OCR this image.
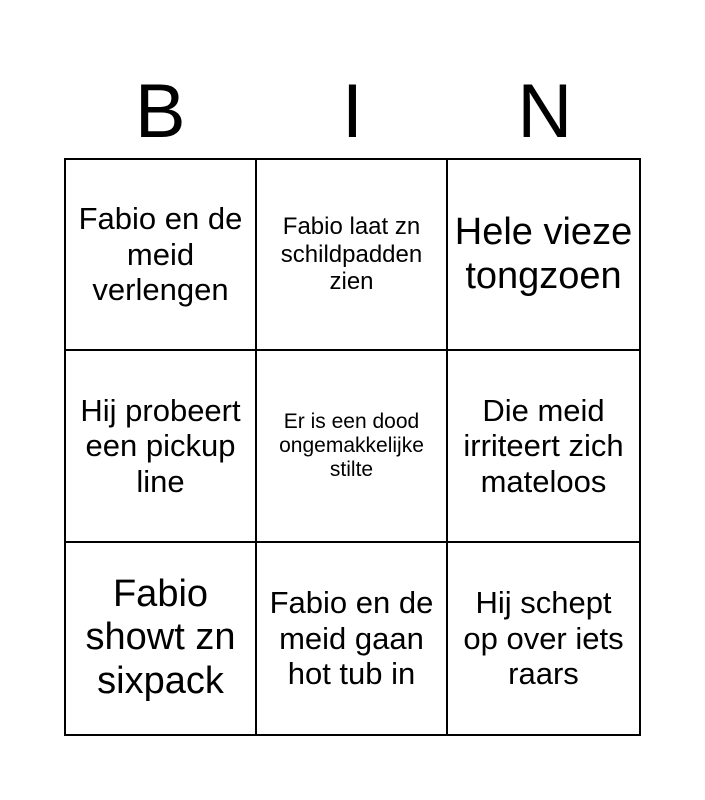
B	I	N
Fabio en de meid verlengen
Fabio laat zn schildpadden zien
Hele vieze tongzoen
Hij probeert een pickup line
Er is een dood ongemakkelijke stilte
Die meid irriteert zich mateloos
Fabio showt zn sixpack
Fabio en de meid gaan hot tub in
Hij schept op over iets raars
